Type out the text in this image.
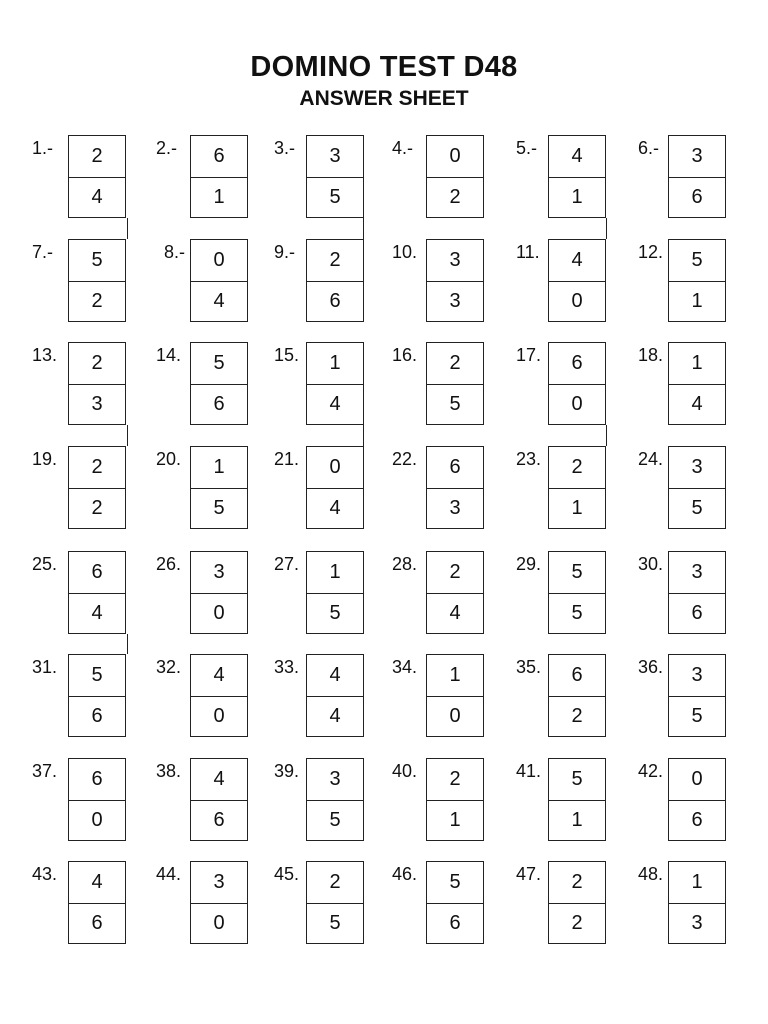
DOMINO TEST D48
ANSWER SHEET
1.-	2
4
2.-	6
1
3.-	3
5
4.-	0
2
5.-	4
1
6.-	3
6
7.-	5
2
8.-	0
4
9.-	2
6
10.	3
3
11.	4
0
12.	5
1
13.	2
3
14.	5
6
15.	1
4
16.	2
5
17.	6
0
18.	1
4
19.	2
2
20.	1
5
21.	0
4
22.	6
3
23.	2
1
24.	3
5
25.	6
4
26.	3
0
27.	1
5
28.	2
4
29.	5
5
30.	3
6
31.	5
6
32.	4
0
33.	4
4
34.	1
0
35.	6
2
36.	3
5
37.	6
0
38.	4
6
39.	3
5
40.	2
1
41.	5
1
42.	0
6
43.	4
6
44.	3
0
45.	2
5
46.	5
6
47.	2
2
48.	1
3
